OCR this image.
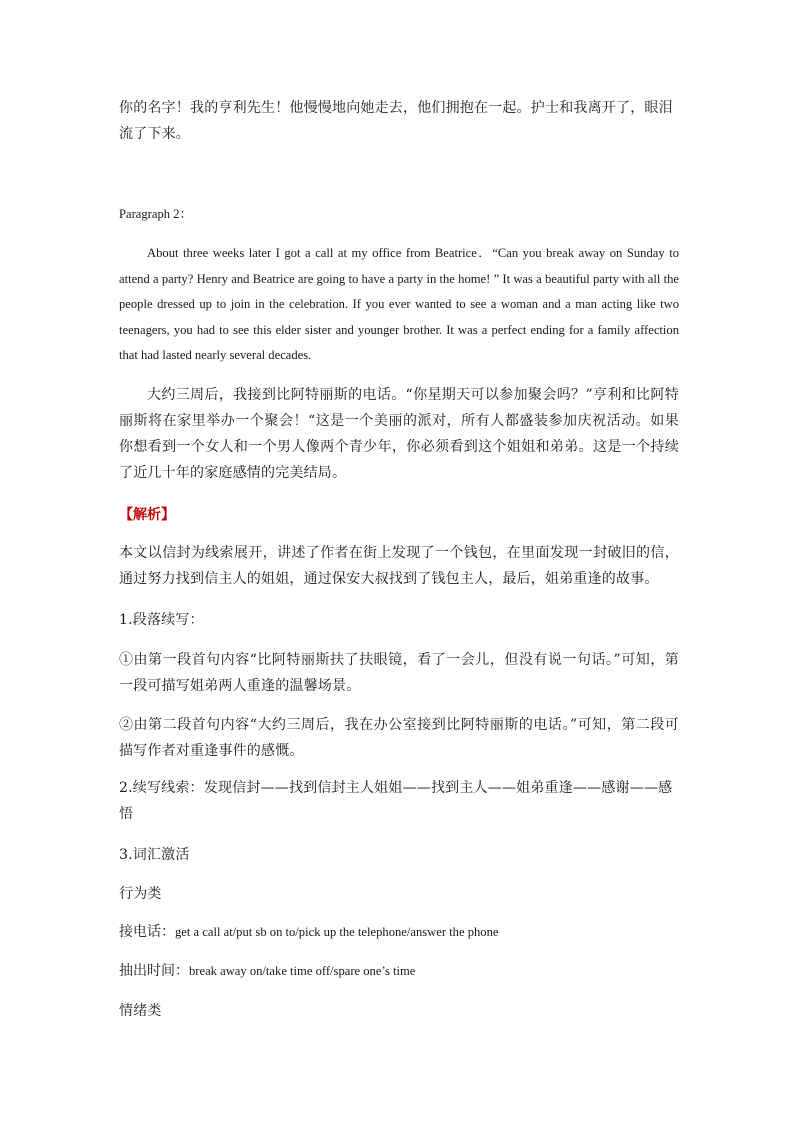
你的名字！我的亨利先生！他慢慢地向她走去，他们拥抱在一起。护士和我离开了，眼泪流了下来。

Paragraph 2：

About three weeks later I got a call at my office from Beatrice．“Can you break away on Sunday to attend a party? Henry and Beatrice are going to have a party in the home! ” It was a beautiful party with all the people dressed up to join in the celebration. If you ever wanted to see a woman and a man acting like two teenagers, you had to see this elder sister and younger brother. It was a perfect ending for a family affection that had lasted nearly several decades.

大约三周后，我接到比阿特丽斯的电话。“你星期天可以参加聚会吗？”亨利和比阿特丽斯将在家里举办一个聚会！“这是一个美丽的派对，所有人都盛装参加庆祝活动。如果你想看到一个女人和一个男人像两个青少年，你必须看到这个姐姐和弟弟。这是一个持续了近几十年的家庭感情的完美结局。

【解析】

本文以信封为线索展开，讲述了作者在街上发现了一个钱包，在里面发现一封破旧的信，通过努力找到信主人的姐姐，通过保安大叔找到了钱包主人，最后，姐弟重逢的故事。

1.段落续写：

①由第一段首句内容“比阿特丽斯扶了扶眼镜，看了一会儿，但没有说一句话。”可知，第一段可描写姐弟两人重逢的温馨场景。

②由第二段首句内容“大约三周后，我在办公室接到比阿特丽斯的电话。”可知，第二段可描写作者对重逢事件的感慨。

2.续写线索：发现信封——找到信封主人姐姐——找到主人——姐弟重逢——感谢——感悟

3.词汇激活

行为类

接电话：get a call at/put sb on to/pick up the telephone/answer the phone

抽出时间：break away on/take time off/spare one’s time

情绪类
